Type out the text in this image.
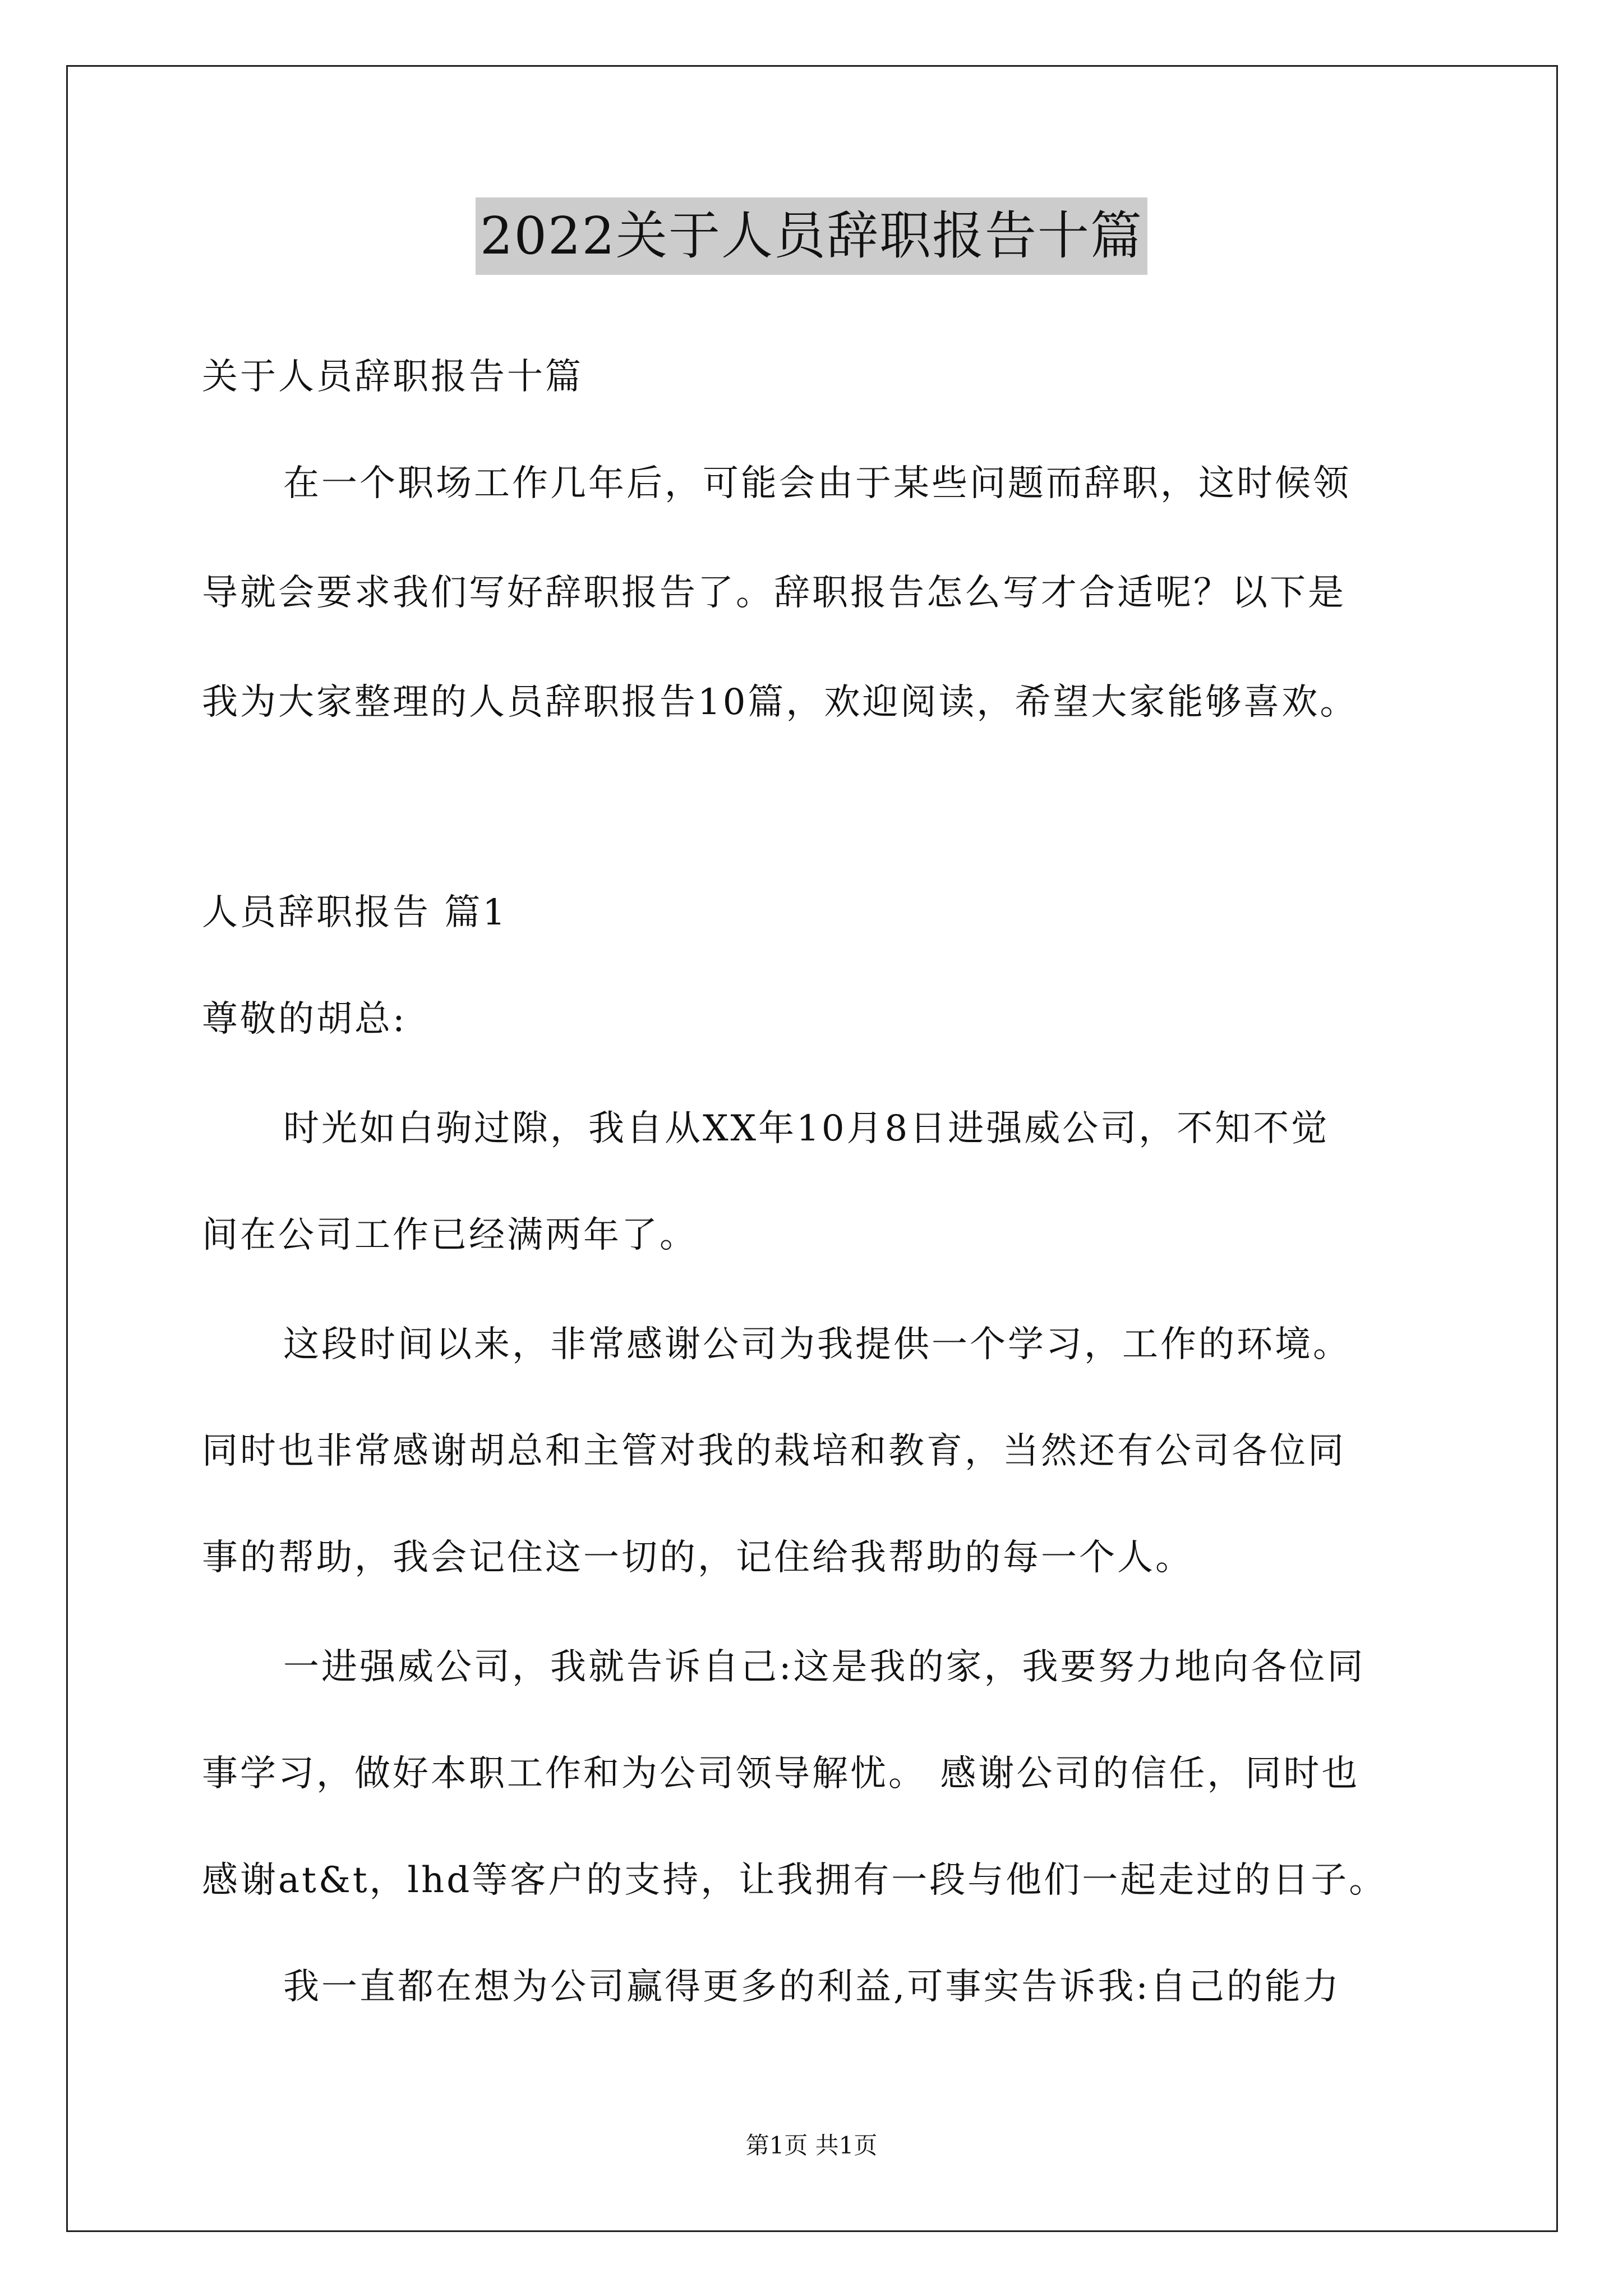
2022关于人员辞职报告十篇
关于人员辞职报告十篇
在一个职场工作几年后，可能会由于某些问题而辞职，这时候领
导就会要求我们写好辞职报告了。辞职报告怎么写才合适呢？以下是
我为大家整理的人员辞职报告10篇，欢迎阅读，希望大家能够喜欢。
人员辞职报告 篇1
尊敬的胡总:
时光如白驹过隙，我自从XX年10月8日进强威公司，不知不觉
间在公司工作已经满两年了。
这段时间以来，非常感谢公司为我提供一个学习，工作的环境。
同时也非常感谢胡总和主管对我的栽培和教育，当然还有公司各位同
事的帮助，我会记住这一切的，记住给我帮助的每一个人。
一进强威公司，我就告诉自己:这是我的家，我要努力地向各位同
事学习，做好本职工作和为公司领导解忧。 感谢公司的信任，同时也
感谢at&t，lhd等客户的支持，让我拥有一段与他们一起走过的日子。
我一直都在想为公司赢得更多的利益,可事实告诉我:自己的能力
第1页 共1页
